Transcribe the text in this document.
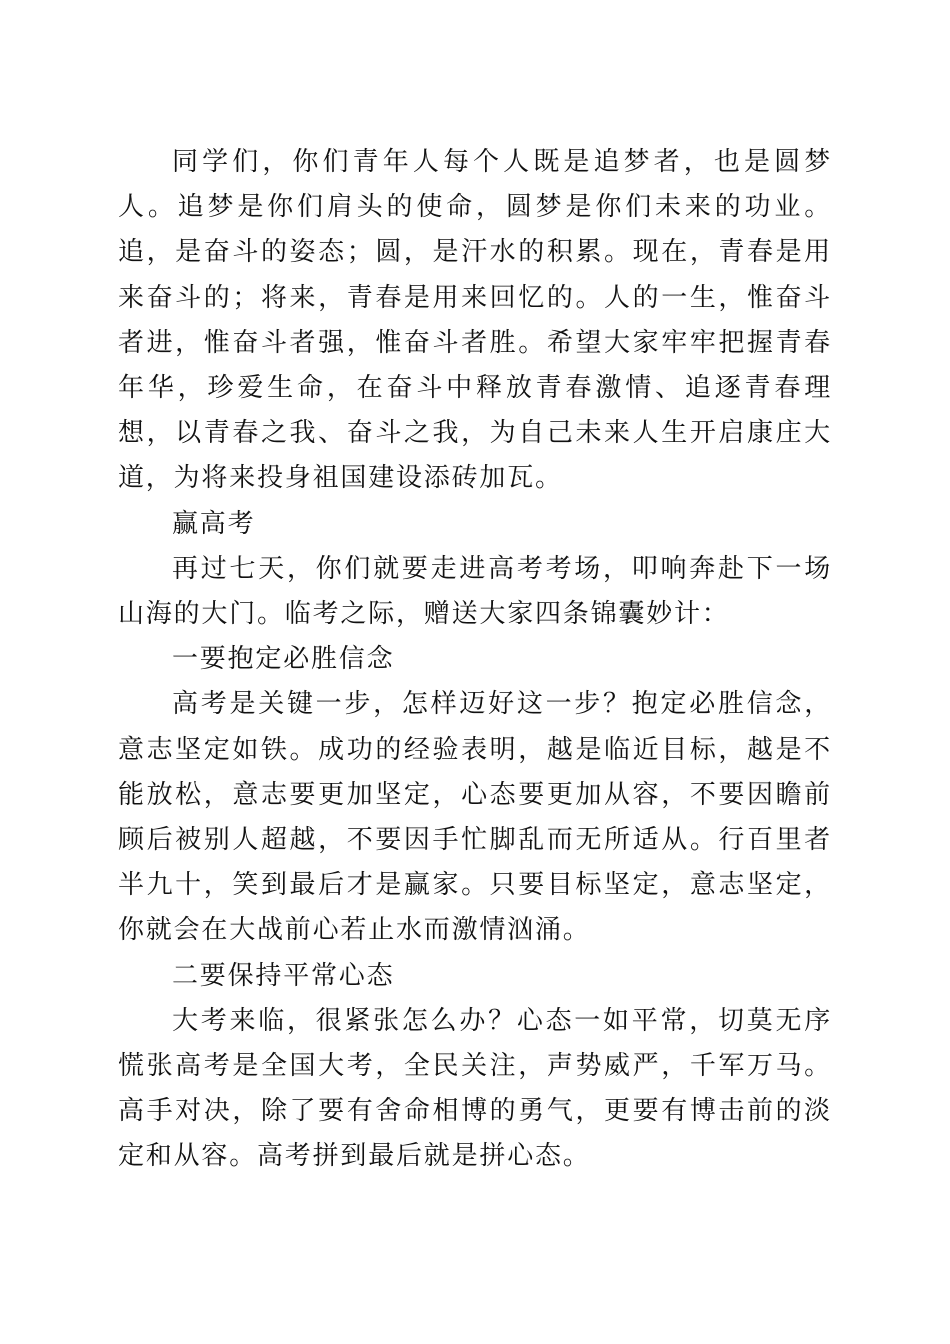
同学们，你们青年人每个人既是追梦者，也是圆梦人。追梦是你们肩头的使命，圆梦是你们未来的功业。追，是奋斗的姿态；圆，是汗水的积累。现在，青春是用来奋斗的；将来，青春是用来回忆的。人的一生，惟奋斗者进，惟奋斗者强，惟奋斗者胜。希望大家牢牢把握青春年华，珍爱生命，在奋斗中释放青春激情、追逐青春理想，以青春之我、奋斗之我，为自己未来人生开启康庄大道，为将来投身祖国建设添砖加瓦。

赢高考

再过七天，你们就要走进高考考场，叩响奔赴下一场山海的大门。临考之际，赠送大家四条锦囊妙计：

一要抱定必胜信念

高考是关键一步，怎样迈好这一步？抱定必胜信念，意志坚定如铁。成功的经验表明，越是临近目标，越是不能放松，意志要更加坚定，心态要更加从容，不要因瞻前顾后被别人超越，不要因手忙脚乱而无所适从。行百里者半九十，笑到最后才是赢家。只要目标坚定，意志坚定，你就会在大战前心若止水而激情汹涌。

二要保持平常心态

大考来临，很紧张怎么办？心态一如平常，切莫无序慌张高考是全国大考，全民关注，声势威严，千军万马。高手对决，除了要有舍命相博的勇气，更要有博击前的淡定和从容。高考拼到最后就是拼心态。
